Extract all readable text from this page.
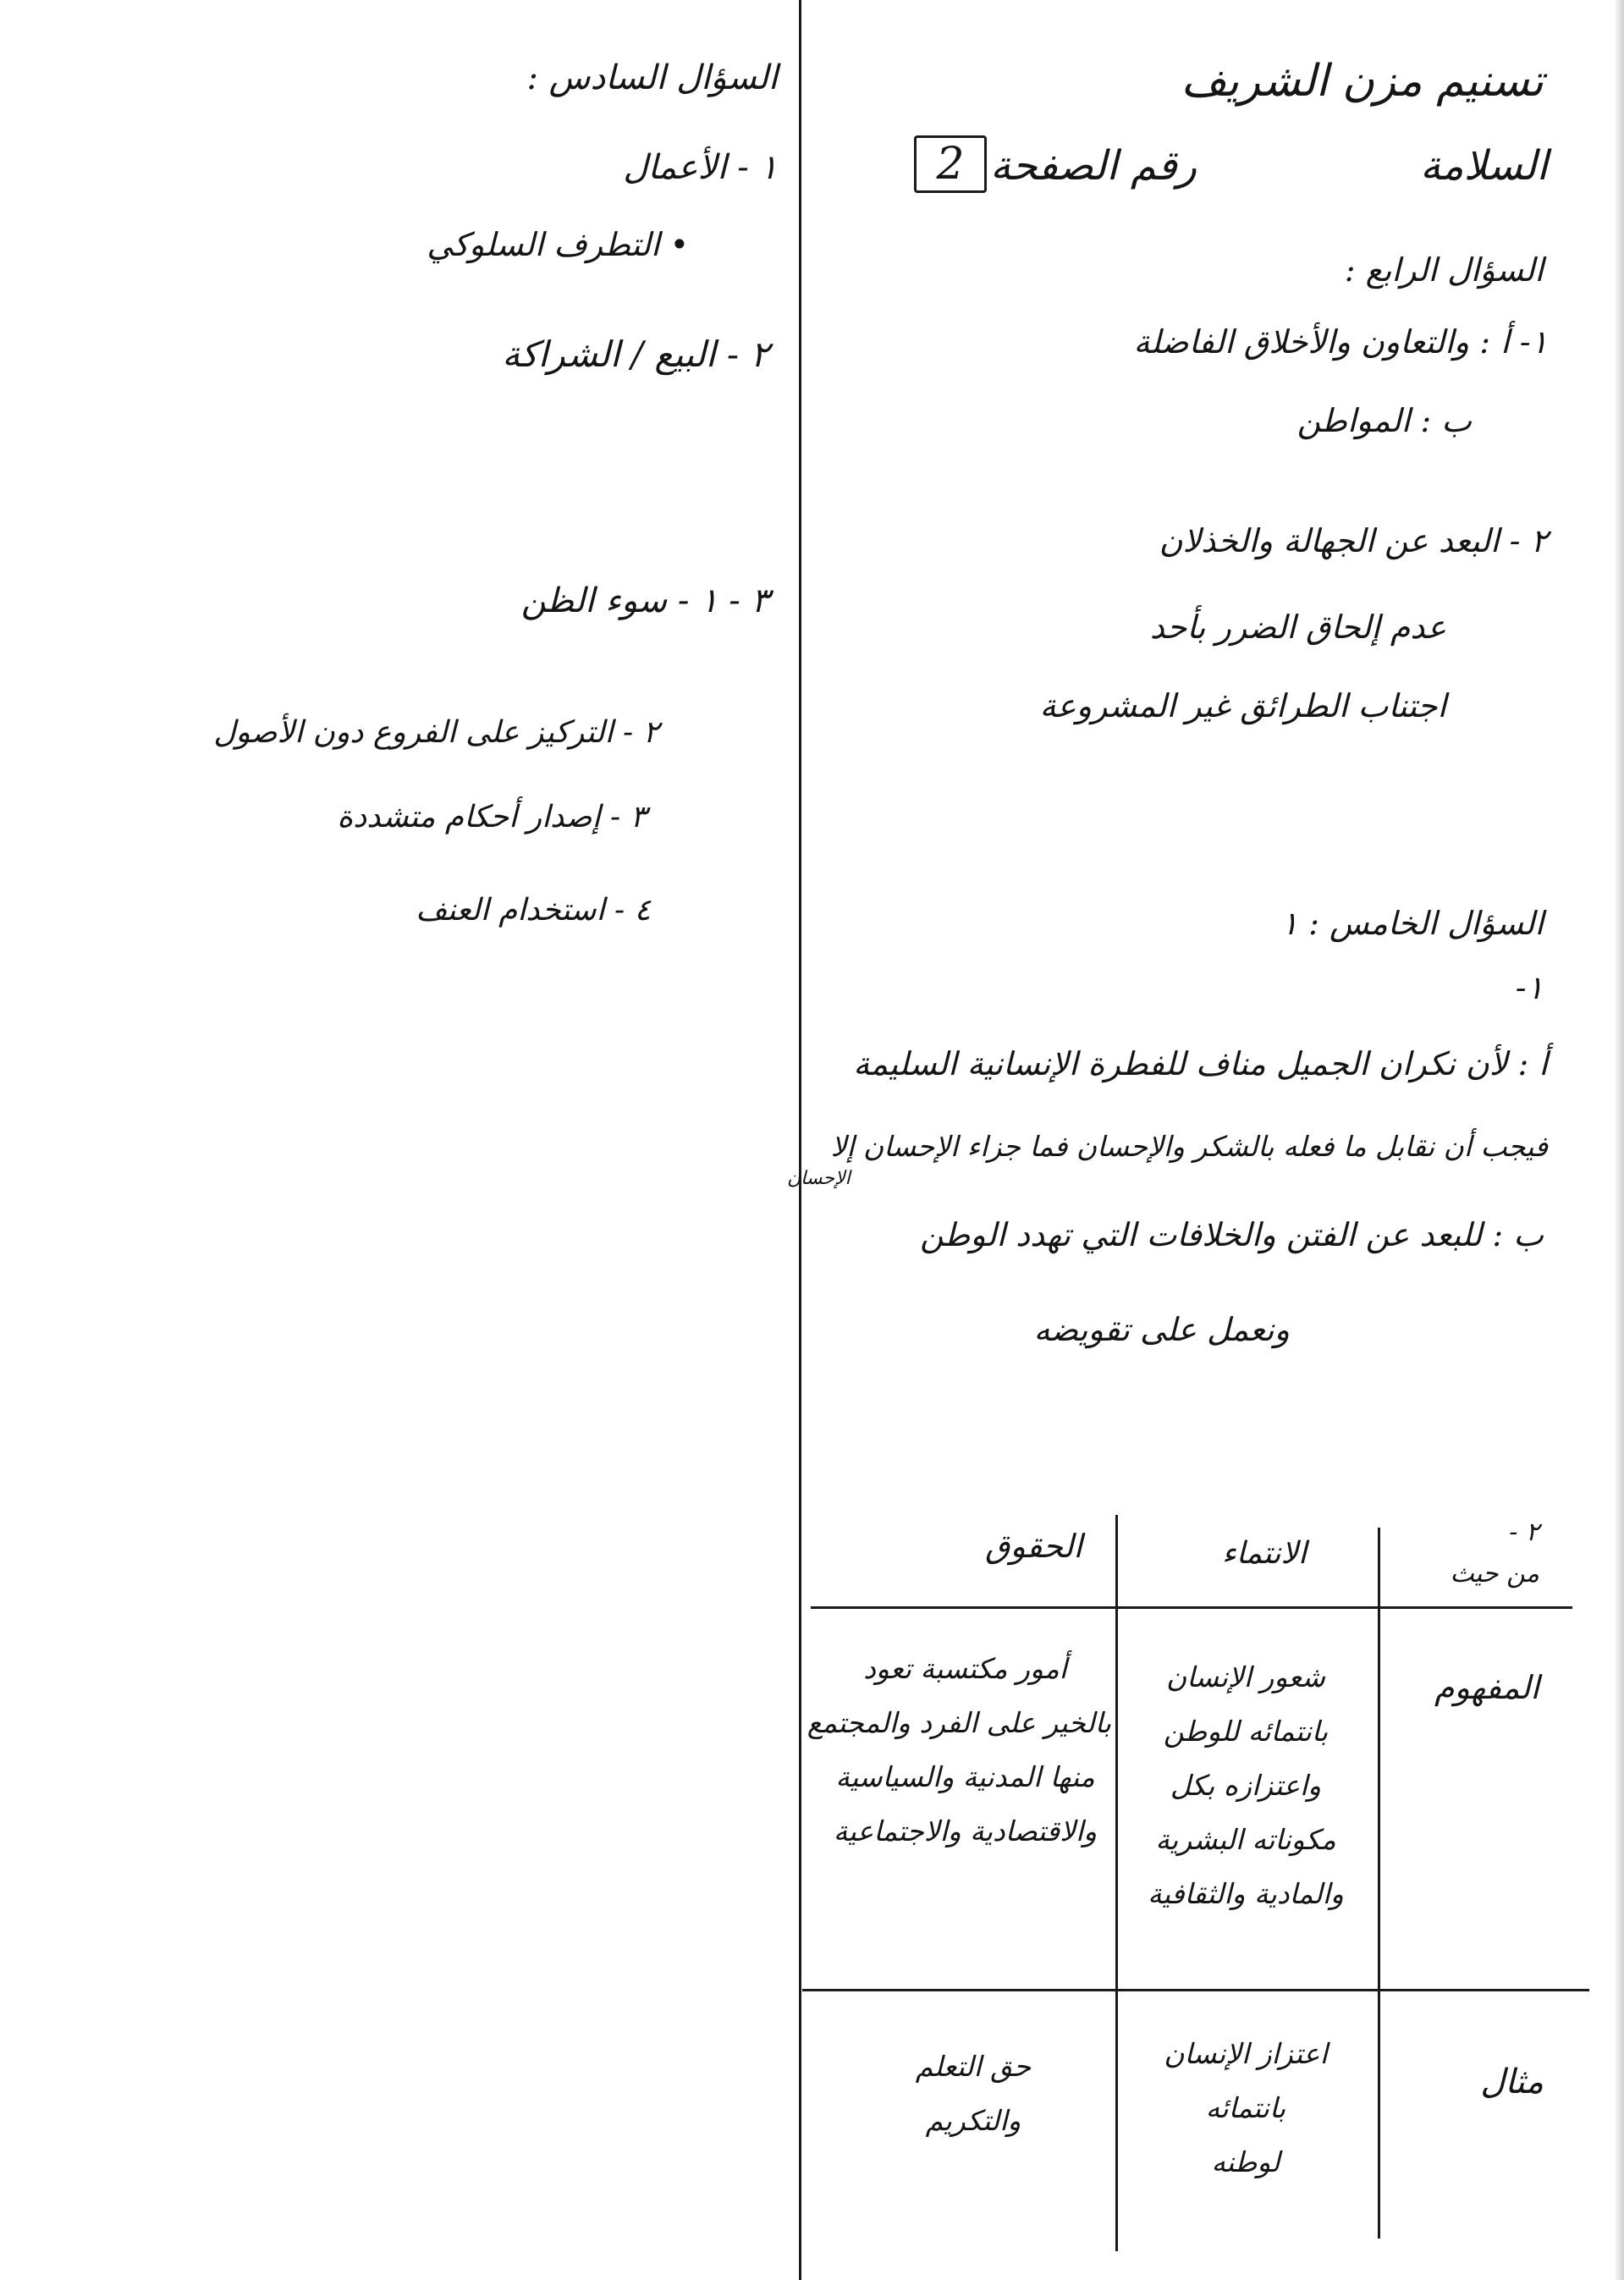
تسنيم مزن الشريف
السلامة
رقم الصفحة
2
السؤال الرابع :
١- أ : والتعاون والأخلاق الفاضلة
ب : المواطن
٢ - البعد عن الجهالة والخذلان
عدم إلحاق الضرر بأحد
اجتناب الطرائق غير المشروعة
السؤال الخامس : ١
١-
أ : لأن نكران الجميل مناف للفطرة الإنسانية السليمة
فيجب أن نقابل ما فعله بالشكر والإحسان فما جزاء الإحسان إلا
الإحسان
ب : للبعد عن الفتن والخلافات التي تهدد الوطن
ونعمل على تقويضه
٢ -
من حيث
الانتماء
الحقوق
المفهوم
شعور الإنسان
بانتمائه للوطن
واعتزازه بكل
مكوناته البشرية
والمادية والثقافية
أمور مكتسبة تعود
بالخير على الفرد والمجتمع
منها المدنية والسياسية
والاقتصادية والاجتماعية
مثال
اعتزاز الإنسان
بانتمائه
لوطنه
حق التعلم
والتكريم
السؤال السادس :
١ - الأعمال
• التطرف السلوكي
٢ - البيع / الشراكة
٣ - ١ - سوء الظن
٢ - التركيز على الفروع دون الأصول
٣ - إصدار أحكام متشددة
٤ - استخدام العنف
